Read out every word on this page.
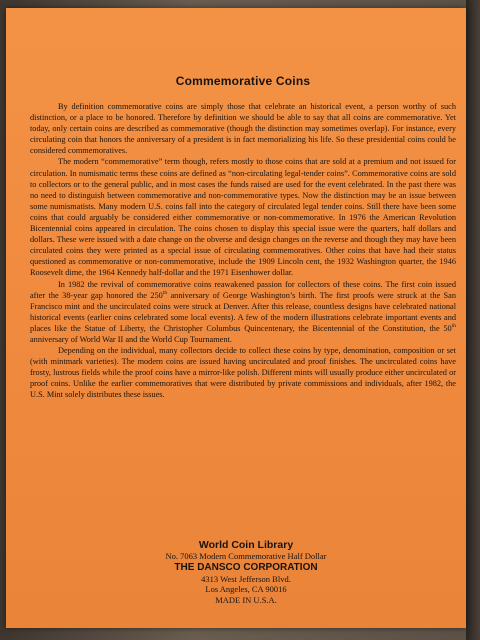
Commemorative Coins

By definition commemorative coins are simply those that celebrate an historical event, a person worthy of such distinction, or a place to be honored. Therefore by definition we should be able to say that all coins are commemorative. Yet today, only certain coins are described as commemorative (though the distinction may sometimes overlap). For instance, every circulating coin that honors the anniversary of a president is in fact memorializing his life. So these presidential coins could be considered commemoratives.

The modern “commemorative” term though, refers mostly to those coins that are sold at a premium and not issued for circulation. In numismatic terms these coins are defined as “non-circulating legal-tender coins”. Commemorative coins are sold to collectors or to the general public, and in most cases the funds raised are used for the event celebrated. In the past there was no need to distinguish between commemorative and non-commemorative types. Now the distinction may be an issue between some numismatists. Many modern U.S. coins fall into the category of circulated legal tender coins. Still there have been some coins that could arguably be considered either commemorative or non-commemorative. In 1976 the American Revolution Bicentennial coins appeared in circulation. The coins chosen to display this special issue were the quarters, half dollars and dollars. These were issued with a date change on the obverse and design changes on the reverse and though they may have been circulated coins they were printed as a special issue of circulating commemoratives. Other coins that have had their status questioned as commemorative or non-commemorative, include the 1909 Lincoln cent, the 1932 Washington quarter, the 1946 Roosevelt dime, the 1964 Kennedy half-dollar and the 1971 Eisenhower dollar.

In 1982 the revival of commemorative coins reawakened passion for collectors of these coins. The first coin issued after the 38-year gap honored the 250th anniversary of George Washington’s birth. The first proofs were struck at the San Francisco mint and the uncirculated coins were struck at Denver. After this release, countless designs have celebrated national historical events (earlier coins celebrated some local events). A few of the modern illustrations celebrate important events and places like the Statue of Liberty, the Christopher Columbus Quincentenary, the Bicentennial of the Constitution, the 50th anniversary of World War II and the World Cup Tournament.

Depending on the individual, many collectors decide to collect these coins by type, denomination, composition or set (with mintmark varieties). The modern coins are issued having uncirculated and proof finishes. The uncirculated coins have frosty, lustrous fields while the proof coins have a mirror-like polish. Different mints will usually produce either uncirculated or proof coins. Unlike the earlier commemoratives that were distributed by private commissions and individuals, after 1982, the U.S. Mint solely distributes these issues.

World Coin Library
No. 7063 Modern Commemorative Half Dollar
THE DANSCO CORPORATION
4313 West Jefferson Blvd.
Los Angeles, CA 90016
MADE IN U.S.A.
